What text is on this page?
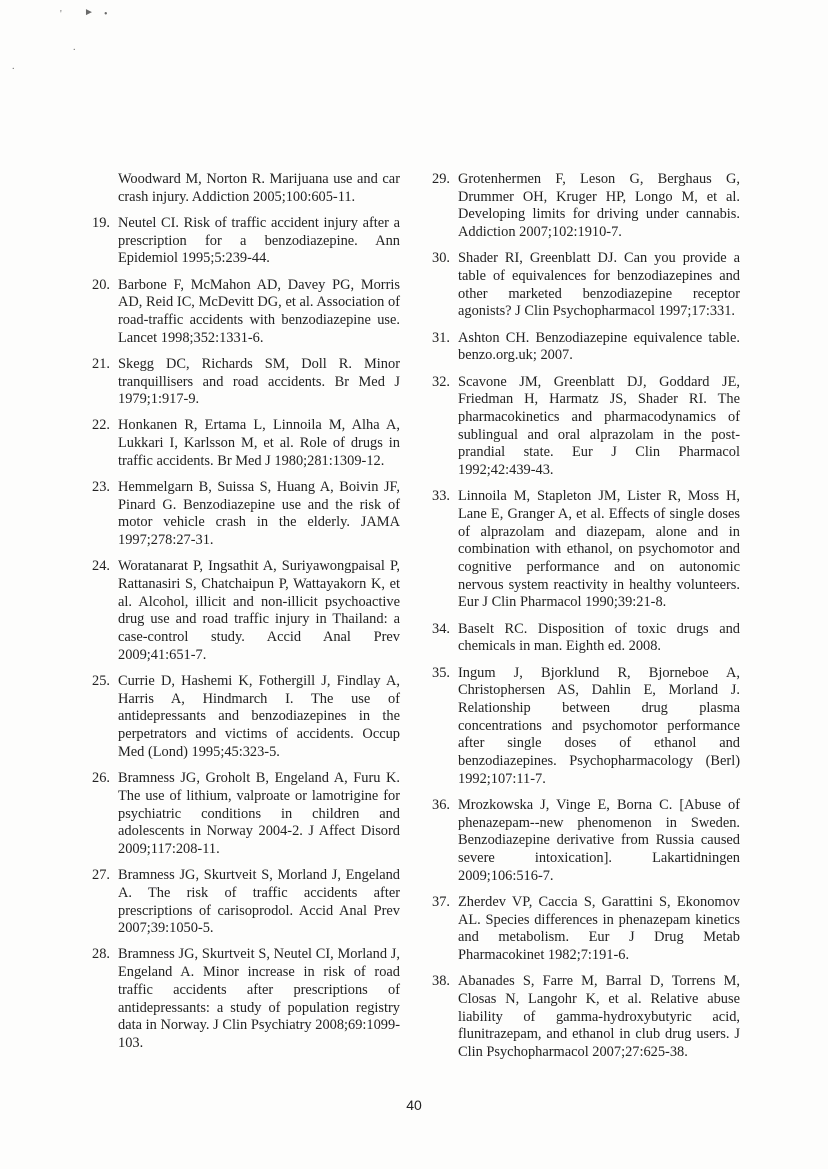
' ► •
.
.
Woodward M, Norton R. Marijuana use and car crash injury. Addiction 2005;100:605-11.
19. Neutel CI. Risk of traffic accident injury after a prescription for a benzodiazepine. Ann Epidemiol 1995;5:239-44.
20. Barbone F, McMahon AD, Davey PG, Morris AD, Reid IC, McDevitt DG, et al. Association of road-traffic accidents with benzodiazepine use. Lancet 1998;352:1331-6.
21. Skegg DC, Richards SM, Doll R. Minor tranquillisers and road accidents. Br Med J 1979;1:917-9.
22. Honkanen R, Ertama L, Linnoila M, Alha A, Lukkari I, Karlsson M, et al. Role of drugs in traffic accidents. Br Med J 1980;281:1309-12.
23. Hemmelgarn B, Suissa S, Huang A, Boivin JF, Pinard G. Benzodiazepine use and the risk of motor vehicle crash in the elderly. JAMA 1997;278:27-31.
24. Woratanarat P, Ingsathit A, Suriyawongpaisal P, Rattanasiri S, Chatchaipun P, Wattayakorn K, et al. Alcohol, illicit and non-illicit psychoactive drug use and road traffic injury in Thailand: a case-control study. Accid Anal Prev 2009;41:651-7.
25. Currie D, Hashemi K, Fothergill J, Findlay A, Harris A, Hindmarch I. The use of antidepressants and benzodiazepines in the perpetrators and victims of accidents. Occup Med (Lond) 1995;45:323-5.
26. Bramness JG, Groholt B, Engeland A, Furu K. The use of lithium, valproate or lamotrigine for psychiatric conditions in children and adolescents in Norway 2004-2. J Affect Disord 2009;117:208-11.
27. Bramness JG, Skurtveit S, Morland J, Engeland A. The risk of traffic accidents after prescriptions of carisoprodol. Accid Anal Prev 2007;39:1050-5.
28. Bramness JG, Skurtveit S, Neutel CI, Morland J, Engeland A. Minor increase in risk of road traffic accidents after prescriptions of antidepressants: a study of population registry data in Norway. J Clin Psychiatry 2008;69:1099-103.
29. Grotenhermen F, Leson G, Berghaus G, Drummer OH, Kruger HP, Longo M, et al. Developing limits for driving under cannabis. Addiction 2007;102:1910-7.
30. Shader RI, Greenblatt DJ. Can you provide a table of equivalences for benzodiazepines and other marketed benzodiazepine receptor agonists? J Clin Psychopharmacol 1997;17:331.
31. Ashton CH. Benzodiazepine equivalence table. benzo.org.uk; 2007.
32. Scavone JM, Greenblatt DJ, Goddard JE, Friedman H, Harmatz JS, Shader RI. The pharmacokinetics and pharmacodynamics of sublingual and oral alprazolam in the post-prandial state. Eur J Clin Pharmacol 1992;42:439-43.
33. Linnoila M, Stapleton JM, Lister R, Moss H, Lane E, Granger A, et al. Effects of single doses of alprazolam and diazepam, alone and in combination with ethanol, on psychomotor and cognitive performance and on autonomic nervous system reactivity in healthy volunteers. Eur J Clin Pharmacol 1990;39:21-8.
34. Baselt RC. Disposition of toxic drugs and chemicals in man. Eighth ed. 2008.
35. Ingum J, Bjorklund R, Bjorneboe A, Christophersen AS, Dahlin E, Morland J. Relationship between drug plasma concentrations and psychomotor performance after single doses of ethanol and benzodiazepines. Psychopharmacology (Berl) 1992;107:11-7.
36. Mrozkowska J, Vinge E, Borna C. [Abuse of phenazepam--new phenomenon in Sweden. Benzodiazepine derivative from Russia caused severe intoxication]. Lakartidningen 2009;106:516-7.
37. Zherdev VP, Caccia S, Garattini S, Ekonomov AL. Species differences in phenazepam kinetics and metabolism. Eur J Drug Metab Pharmacokinet 1982;7:191-6.
38. Abanades S, Farre M, Barral D, Torrens M, Closas N, Langohr K, et al. Relative abuse liability of gamma-hydroxybutyric acid, flunitrazepam, and ethanol in club drug users. J Clin Psychopharmacol 2007;27:625-38.
40
